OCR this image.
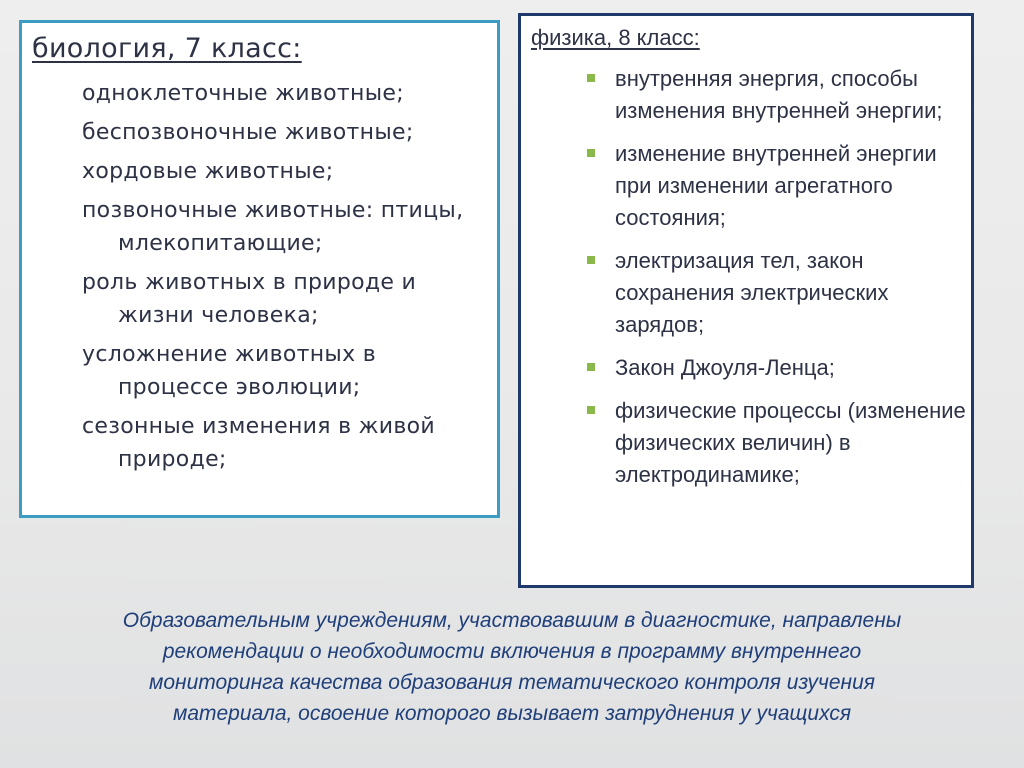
биология, 7 класс:
одноклеточные животные;
беспозвоночные животные;
хордовые животные;
позвоночные животные: птицы, млекопитающие;
роль животных в природе и жизни человека;
усложнение животных в процессе эволюции;
сезонные изменения в живой природе;
физика, 8 класс:
внутренняя энергия, способы изменения внутренней энергии;
изменение внутренней энергии при изменении агрегатного состояния;
электризация тел, закон сохранения электрических зарядов;
Закон Джоуля-Ленца;
физические процессы (изменение физических величин) в электродинамике;

Образовательным учреждениям, участвовавшим в диагностике, направлены
рекомендации о необходимости включения в программу внутреннего
мониторинга качества образования тематического контроля изучения
материала, освоение которого вызывает затруднения у учащихся
